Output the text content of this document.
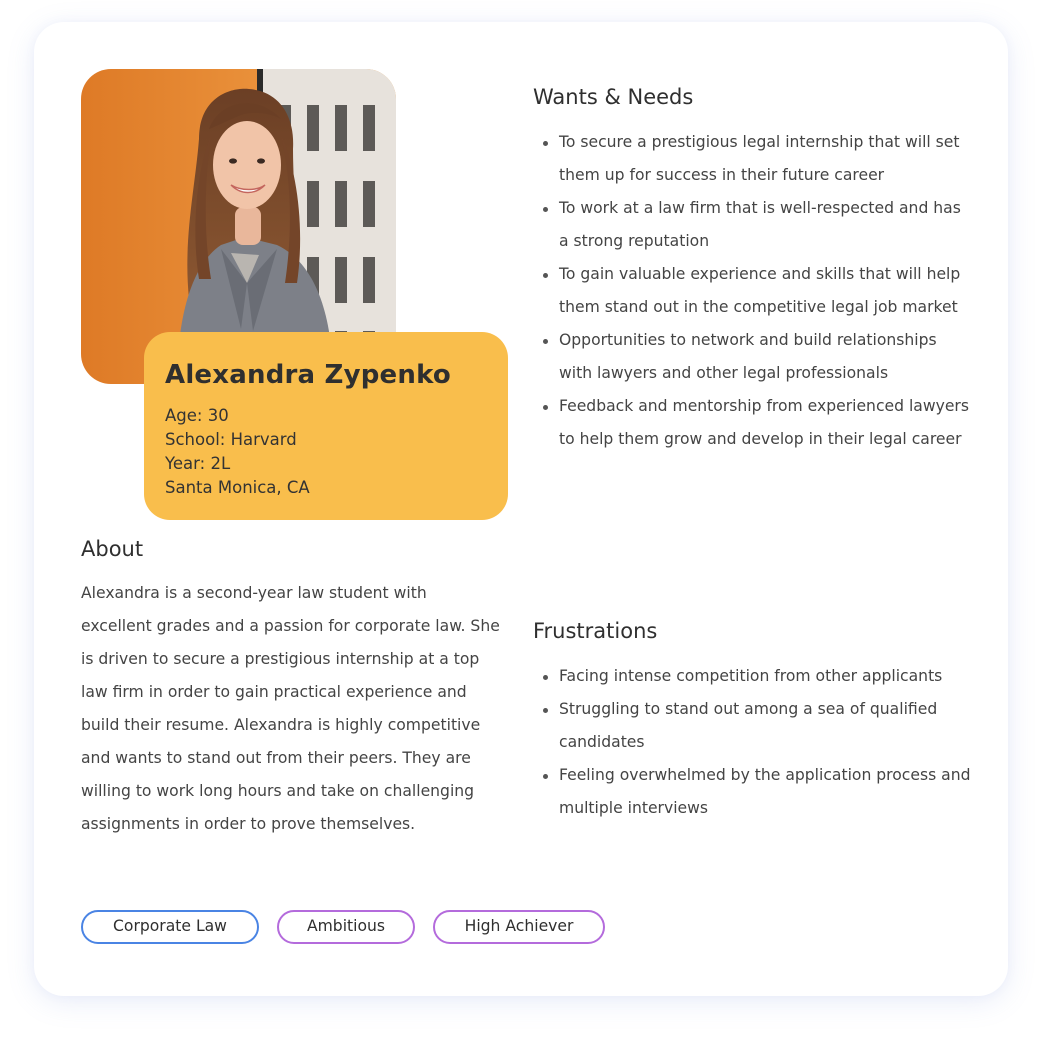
Alexandra Zypenko

Age: 30

School: Harvard

Year: 2L

Santa Monica, CA

About

Alexandra is a second-year law student with excellent grades and a passion for corporate law. She is driven to secure a prestigious internship at a top law firm in order to gain practical experience and build their resume. Alexandra is highly competitive and wants to stand out from their peers. They are willing to work long hours and take on challenging assignments in order to prove themselves.

Wants & Needs
To secure a prestigious legal internship that will set them up for success in their future career
To work at a law firm that is well-respected and has a strong reputation
To gain valuable experience and skills that will help them stand out in the competitive legal job market
Opportunities to network and build relationships with lawyers and other legal professionals
Feedback and mentorship from experienced lawyers to help them grow and develop in their legal career
Frustrations
Facing intense competition from other applicants
Struggling to stand out among a sea of qualified candidates
Feeling overwhelmed by the application process and multiple interviews
Corporate Law	Ambitious	High Achiever
